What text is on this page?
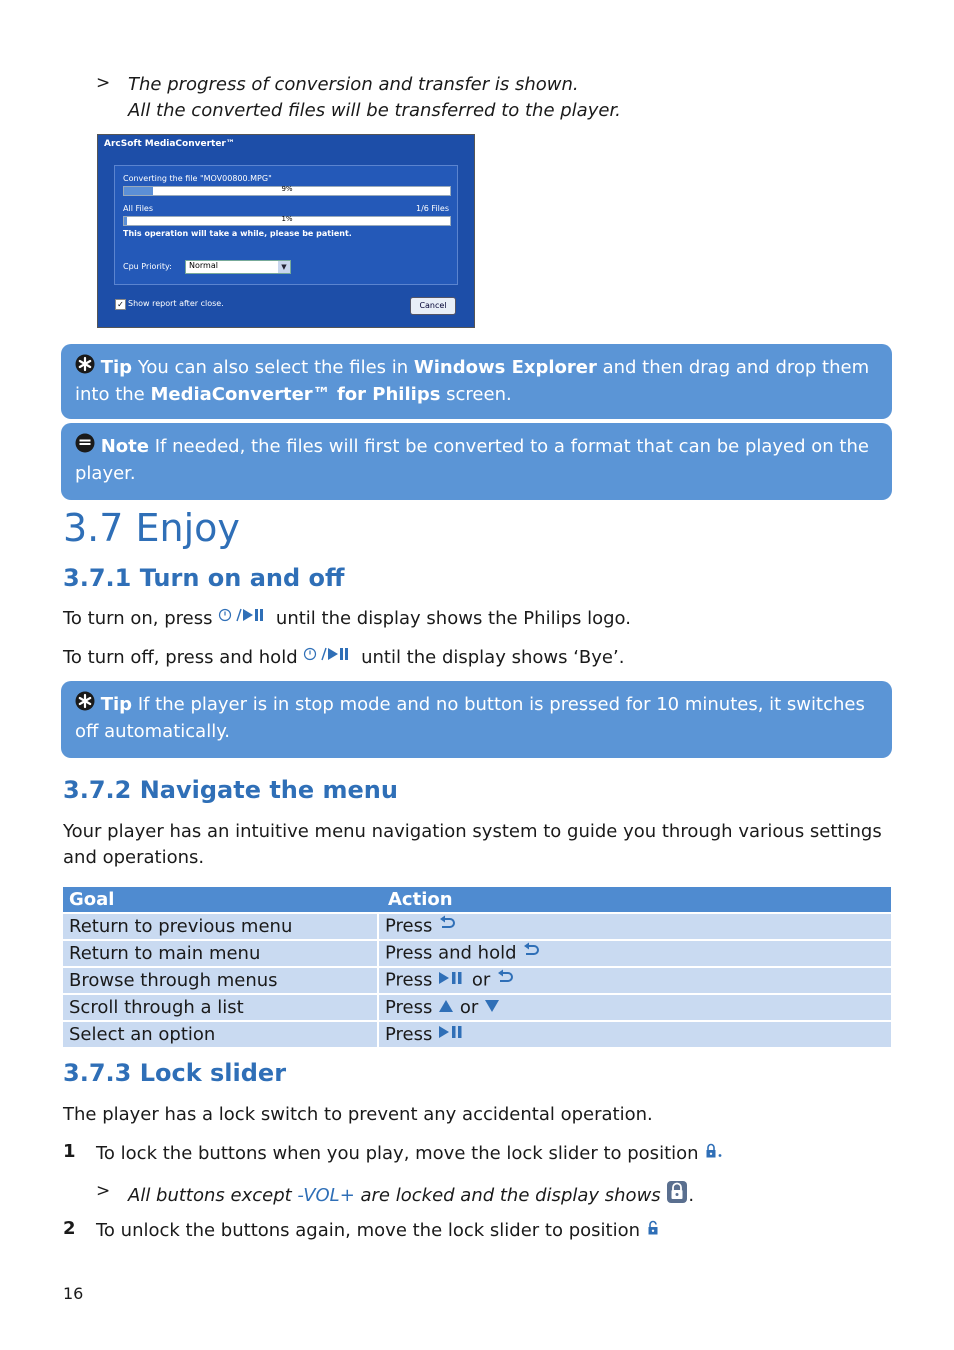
> The progress of conversion and transfer is shown.
All the converted files will be transferred to the player.
ArcSoft MediaConverter™
Converting the file "MOV00800.MPG"
9%
All Files	1/6 Files
1%
This operation will take a while, please be patient.
Cpu Priority: Normal	▼
✓ Show report after close.	Cancel
Tip You can also select the files in Windows Explorer and then drag and drop them into the MediaConverter™ for Philips screen.
Note If needed, the files will first be converted to a format that can be played on the player.
3.7 Enjoy
3.7.1 Turn on and off
To turn on, press	until the display shows the Philips logo.
To turn off, press and hold	until the display shows ‘Bye’.
Tip If the player is in stop mode and no button is pressed for 10 minutes, it switches off automatically.
3.7.2 Navigate the menu
Your player has an intuitive menu navigation system to guide you through various settings and operations.
Goal	Action
Return to previous menu	Press
Return to main menu	Press and hold
Browse through menus	Press or
Scroll through a list	Press or
Select an option	Press
3.7.3 Lock slider
The player has a lock switch to prevent any accidental operation.
1 To lock the buttons when you play, move the lock slider to position
> All buttons except -VOL+ are locked and the display shows .
2 To unlock the buttons again, move the lock slider to position
16
